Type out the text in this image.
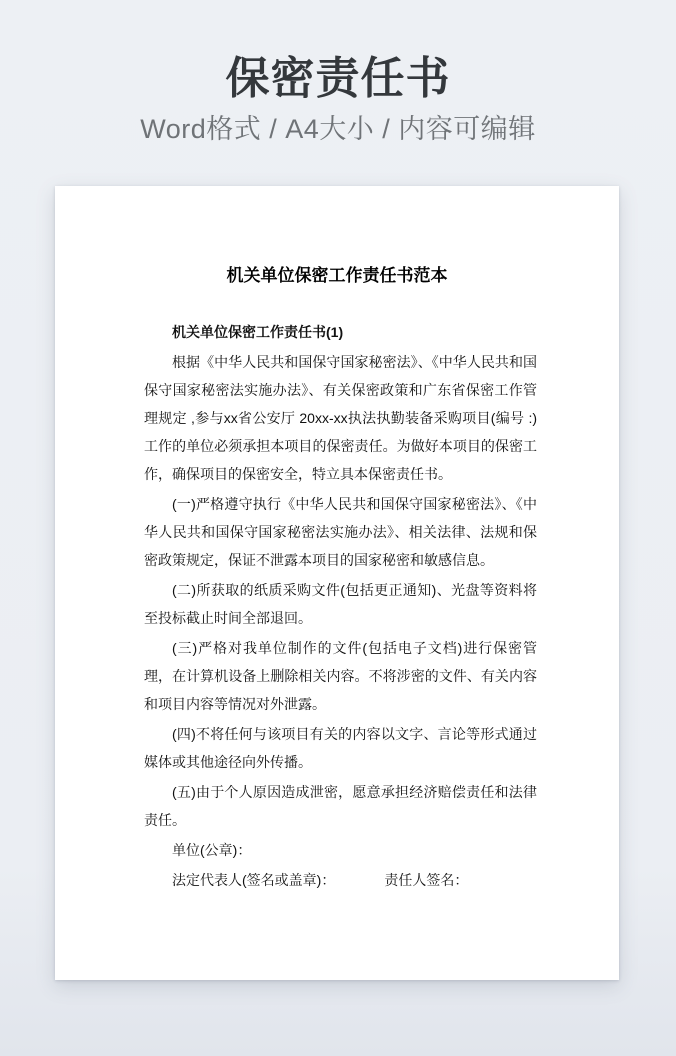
保密责任书

Word格式 / A4大小 / 内容可编辑

机关单位保密工作责任书范本

机关单位保密工作责任书(1)

根据《中华人民共和国保守国家秘密法》、《中华人民共和国保守国家秘密法实施办法》、有关保密政策和广东省保密工作管理规定 ,参与xx省公安厅 20xx-xx执法执勤装备采购项目(编号 :)工作的单位必须承担本项目的保密责任。为做好本项目的保密工作，确保项目的保密安全，特立具本保密责任书。

(一)严格遵守执行《中华人民共和国保守国家秘密法》、《中华人民共和国保守国家秘密法实施办法》、相关法律、法规和保密政策规定，保证不泄露本项目的国家秘密和敏感信息。

(二)所获取的纸质采购文件(包括更正通知)、光盘等资料将至投标截止时间全部退回。

(三)严格对我单位制作的文件(包括电子文档)进行保密管理，在计算机设备上删除相关内容。不将涉密的文件、有关内容和项目内容等情况对外泄露。

(四)不将任何与该项目有关的内容以文字、言论等形式通过媒体或其他途径向外传播。

(五)由于个人原因造成泄密，愿意承担经济赔偿责任和法律责任。

单位(公章)：

法定代表人(签名或盖章)：　　　　责任人签名：
